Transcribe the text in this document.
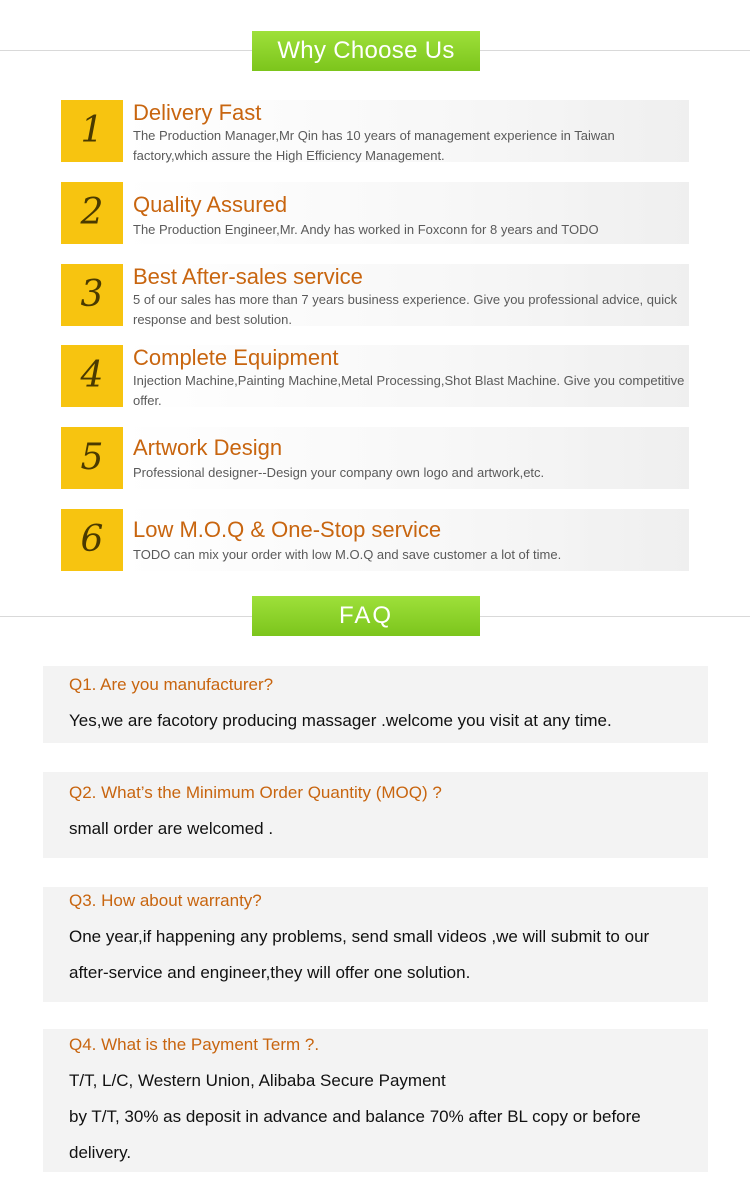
Why Choose Us
1	Delivery Fast
The Production Manager,Mr Qin has 10 years of management experience in Taiwan factory,which assure the High Efficiency Management.
2	Quality Assured
The Production Engineer,Mr. Andy has worked in Foxconn for 8 years and TODO
3	Best After-sales service
5 of our sales has more than 7 years business experience. Give you professional advice, quick response and best solution.
4	Complete Equipment
Injection Machine,Painting Machine,Metal Processing,Shot Blast Machine. Give you competitive offer.
5	Artwork Design
Professional designer--Design your company own logo and artwork,etc.
6	Low M.O.Q & One-Stop service
TODO can mix your order with low M.O.Q and save customer a lot of time.
FAQ
Q1. Are you manufacturer?
Yes,we are facotory producing massager .welcome you visit at any time.
Q2. What’s the Minimum Order Quantity (MOQ) ?
small order are welcomed .
Q3. How about warranty?
One year,if happening any problems, send small videos ,we will submit to our
after-service and engineer,they will offer one solution.
Q4. What is the Payment Term ?.
T/T, L/C, Western Union, Alibaba Secure Payment
by T/T, 30% as deposit in advance and balance 70% after BL copy or before
delivery.
